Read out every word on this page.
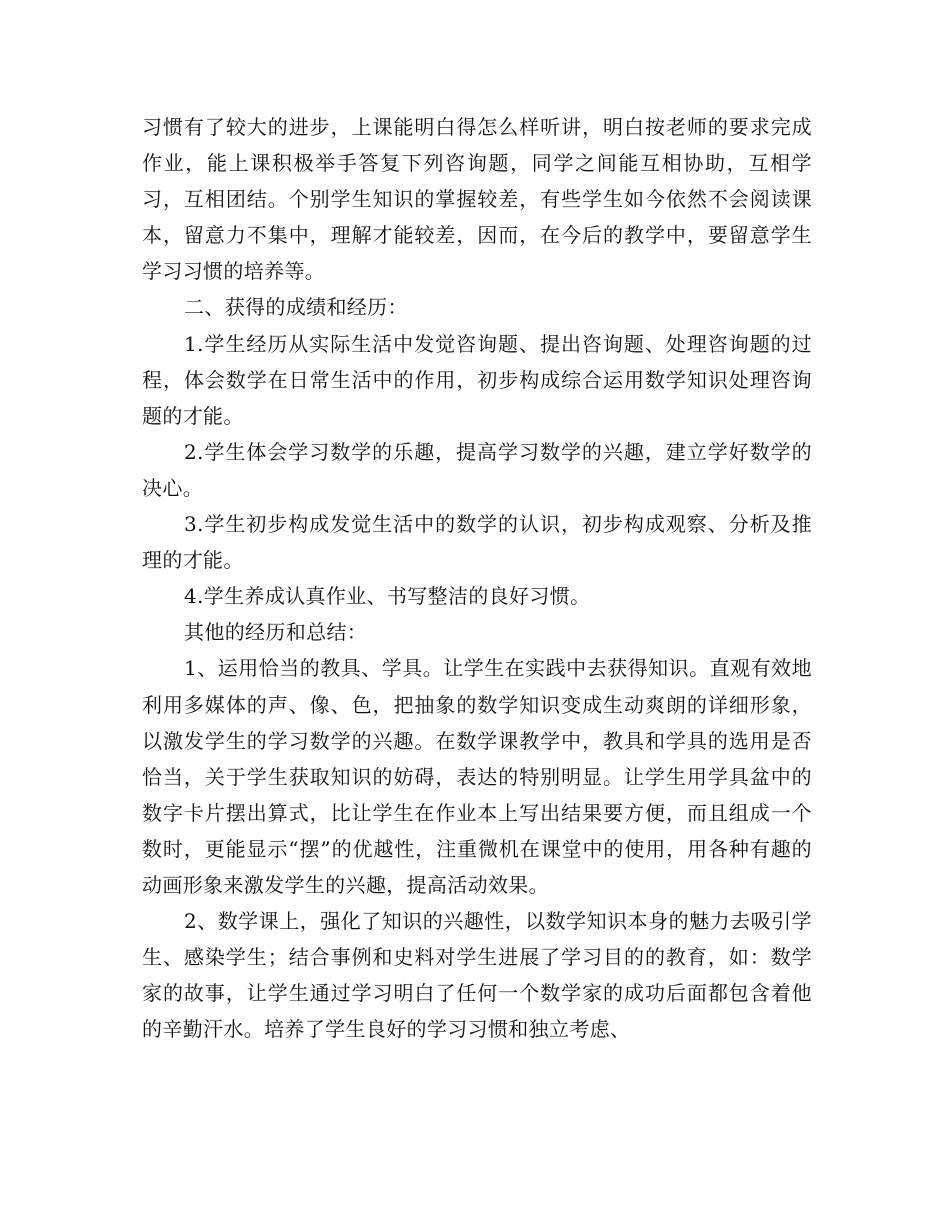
习惯有了较大的进步，上课能明白得怎么样听讲，明白按老师的要求完成作业，能上课积极举手答复下列咨询题，同学之间能互相协助，互相学习，互相团结。个别学生知识的掌握较差，有些学生如今依然不会阅读课本，留意力不集中，理解才能较差，因而，在今后的教学中，要留意学生学习习惯的培养等。

二、获得的成绩和经历：

1.学生经历从实际生活中发觉咨询题、提出咨询题、处理咨询题的过程，体会数学在日常生活中的作用，初步构成综合运用数学知识处理咨询题的才能。

2.学生体会学习数学的乐趣，提高学习数学的兴趣，建立学好数学的决心。

3.学生初步构成发觉生活中的数学的认识，初步构成观察、分析及推理的才能。

4.学生养成认真作业、书写整洁的良好习惯。

其他的经历和总结：

1、运用恰当的教具、学具。让学生在实践中去获得知识。直观有效地利用多媒体的声、像、色，把抽象的数学知识变成生动爽朗的详细形象，以激发学生的学习数学的兴趣。在数学课教学中，教具和学具的选用是否恰当，关于学生获取知识的妨碍，表达的特别明显。让学生用学具盆中的数字卡片摆出算式，比让学生在作业本上写出结果要方便，而且组成一个数时，更能显示“摆”的优越性，注重微机在课堂中的使用，用各种有趣的动画形象来激发学生的兴趣，提高活动效果。

2、数学课上，强化了知识的兴趣性，以数学知识本身的魅力去吸引学生、感染学生；结合事例和史料对学生进展了学习目的的教育，如：数学家的故事，让学生通过学习明白了任何一个数学家的成功后面都包含着他的辛勤汗水。培养了学生良好的学习习惯和独立考虑、
